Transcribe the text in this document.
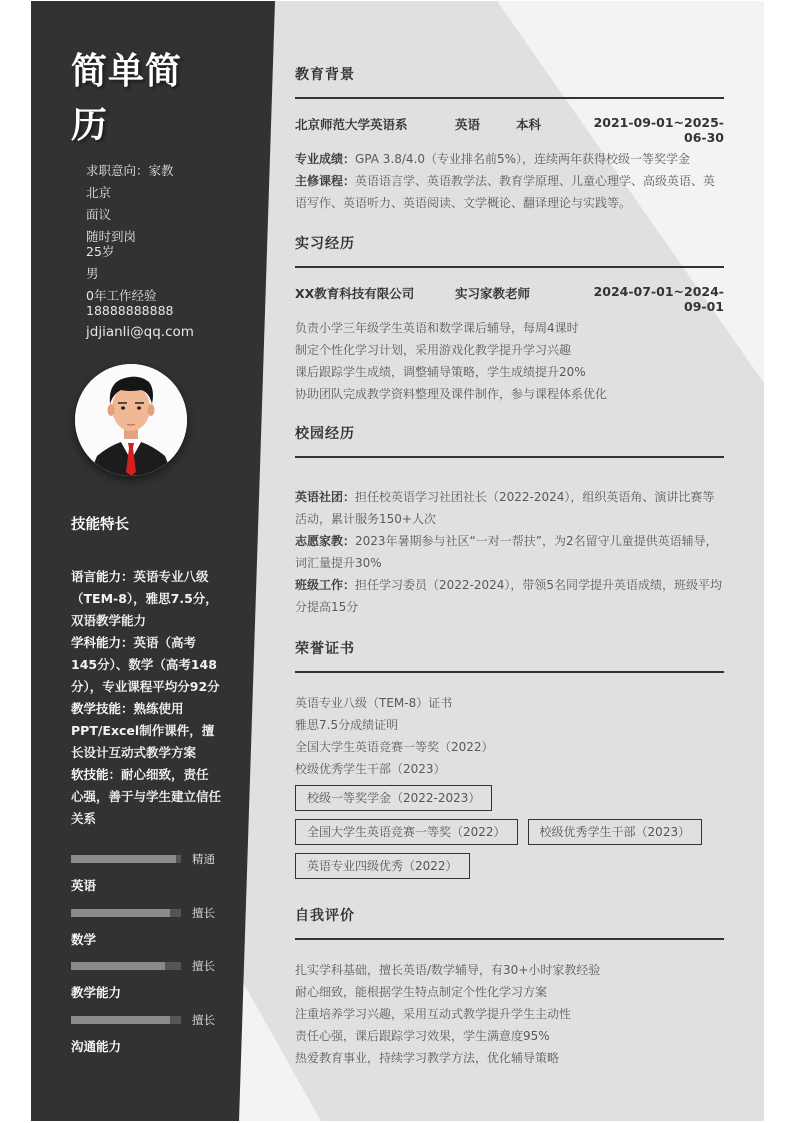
简单简历
求职意向：家教
北京
面议
随时到岗
25岁
男
0年工作经验
18888888888
jdjianli@qq.com
技能特长
语言能力：英语专业八级（TEM-8），雅思7.5分，双语教学能力
学科能力：英语（高考145分）、数学（高考148分），专业课程平均分92分
教学技能：熟练使用PPT/Excel制作课件，擅长设计互动式教学方案
软技能：耐心细致，责任心强，善于与学生建立信任关系
精通
英语
擅长
数学
擅长
教学能力
擅长
沟通能力
教育背景
北京师范大学英语系	英语	本科	2021-09-01~2025-06-30
专业成绩：GPA 3.8/4.0（专业排名前5%），连续两年获得校级一等奖学金
主修课程：英语语言学、英语教学法、教育学原理、儿童心理学、高级英语、英语写作、英语听力、英语阅读、文学概论、翻译理论与实践等。
实习经历
XX教育科技有限公司	实习家教老师	2024-07-01~2024-09-01
负责小学三年级学生英语和数学课后辅导，每周4课时
制定个性化学习计划，采用游戏化教学提升学习兴趣
课后跟踪学生成绩，调整辅导策略，学生成绩提升20%
协助团队完成教学资料整理及课件制作，参与课程体系优化
校园经历
英语社团：担任校英语学习社团社长（2022-2024），组织英语角、演讲比赛等活动，累计服务150+人次
志愿家教：2023年暑期参与社区“一对一帮扶”，为2名留守儿童提供英语辅导，词汇量提升30%
班级工作：担任学习委员（2022-2024），带领5名同学提升英语成绩，班级平均分提高15分
荣誉证书
英语专业八级（TEM-8）证书
雅思7.5分成绩证明
全国大学生英语竞赛一等奖（2022）
校级优秀学生干部（2023）
校级一等奖学金（2022-2023）
全国大学生英语竞赛一等奖（2022）	校级优秀学生干部（2023）
英语专业四级优秀（2022）
自我评价
扎实学科基础，擅长英语/数学辅导，有30+小时家教经验
耐心细致，能根据学生特点制定个性化学习方案
注重培养学习兴趣，采用互动式教学提升学生主动性
责任心强，课后跟踪学习效果，学生满意度95%
热爱教育事业，持续学习教学方法，优化辅导策略
